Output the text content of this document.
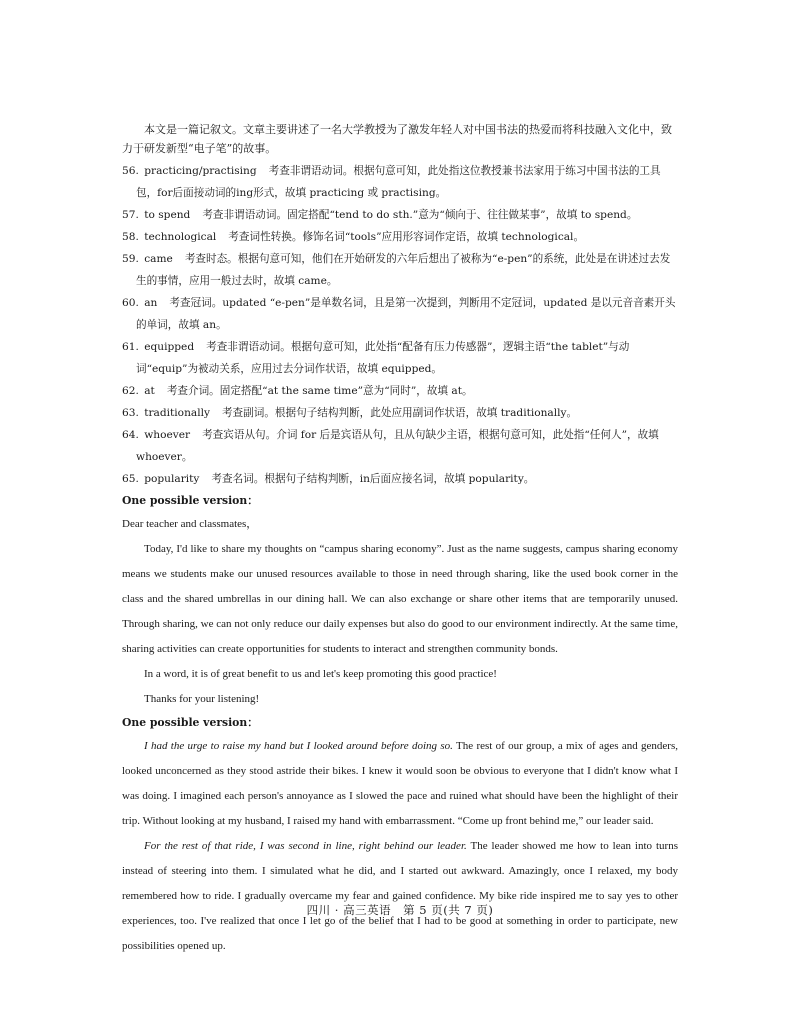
本文是一篇记叙文。文章主要讲述了一名大学教授为了激发年轻人对中国书法的热爱而将科技融入文化中，致力于研发新型“电子笔”的故事。

56. practicing/practising 考查非谓语动词。根据句意可知，此处指这位教授兼书法家用于练习中国书法的工具包，for后面接动词的ing形式，故填 practicing 或 practising。

57. to spend 考查非谓语动词。固定搭配“tend to do sth.”意为“倾向于、往往做某事”，故填 to spend。

58. technological 考查词性转换。修饰名词“tools”应用形容词作定语，故填 technological。

59. came 考查时态。根据句意可知，他们在开始研发的六年后想出了被称为“e-pen”的系统，此处是在讲述过去发生的事情，应用一般过去时，故填 came。

60. an 考查冠词。updated “e-pen”是单数名词，且是第一次提到，判断用不定冠词，updated 是以元音音素开头的单词，故填 an。

61. equipped 考查非谓语动词。根据句意可知，此处指“配备有压力传感器”，逻辑主语“the tablet”与动词“equip”为被动关系，应用过去分词作状语，故填 equipped。

62. at 考查介词。固定搭配“at the same time”意为“同时”，故填 at。

63. traditionally 考查副词。根据句子结构判断，此处应用副词作状语，故填 traditionally。

64. whoever 考查宾语从句。介词 for 后是宾语从句，且从句缺少主语，根据句意可知，此处指“任何人”，故填 whoever。

65. popularity 考查名词。根据句子结构判断，in后面应接名词，故填 popularity。

One possible version：

Dear teacher and classmates，

Today, I'd like to share my thoughts on “campus sharing economy”. Just as the name suggests, campus sharing economy means we students make our unused resources available to those in need through sharing, like the used book corner in the class and the shared umbrellas in our dining hall. We can also exchange or share other items that are temporarily unused. Through sharing, we can not only reduce our daily expenses but also do good to our environment indirectly. At the same time, sharing activities can create opportunities for students to interact and strengthen community bonds.

In a word, it is of great benefit to us and let's keep promoting this good practice!

Thanks for your listening!

One possible version：

I had the urge to raise my hand but I looked around before doing so. The rest of our group, a mix of ages and genders, looked unconcerned as they stood astride their bikes. I knew it would soon be obvious to everyone that I didn't know what I was doing. I imagined each person's annoyance as I slowed the pace and ruined what should have been the highlight of their trip. Without looking at my husband, I raised my hand with embarrassment. “Come up front behind me,” our leader said.

For the rest of that ride, I was second in line, right behind our leader. The leader showed me how to lean into turns instead of steering into them. I simulated what he did, and I started out awkward. Amazingly, once I relaxed, my body remembered how to ride. I gradually overcame my fear and gained confidence. My bike ride inspired me to say yes to other experiences, too. I've realized that once I let go of the belief that I had to be good at something in order to participate, new possibilities opened up.

四川 · 高三英语　第 5 页(共 7 页)
